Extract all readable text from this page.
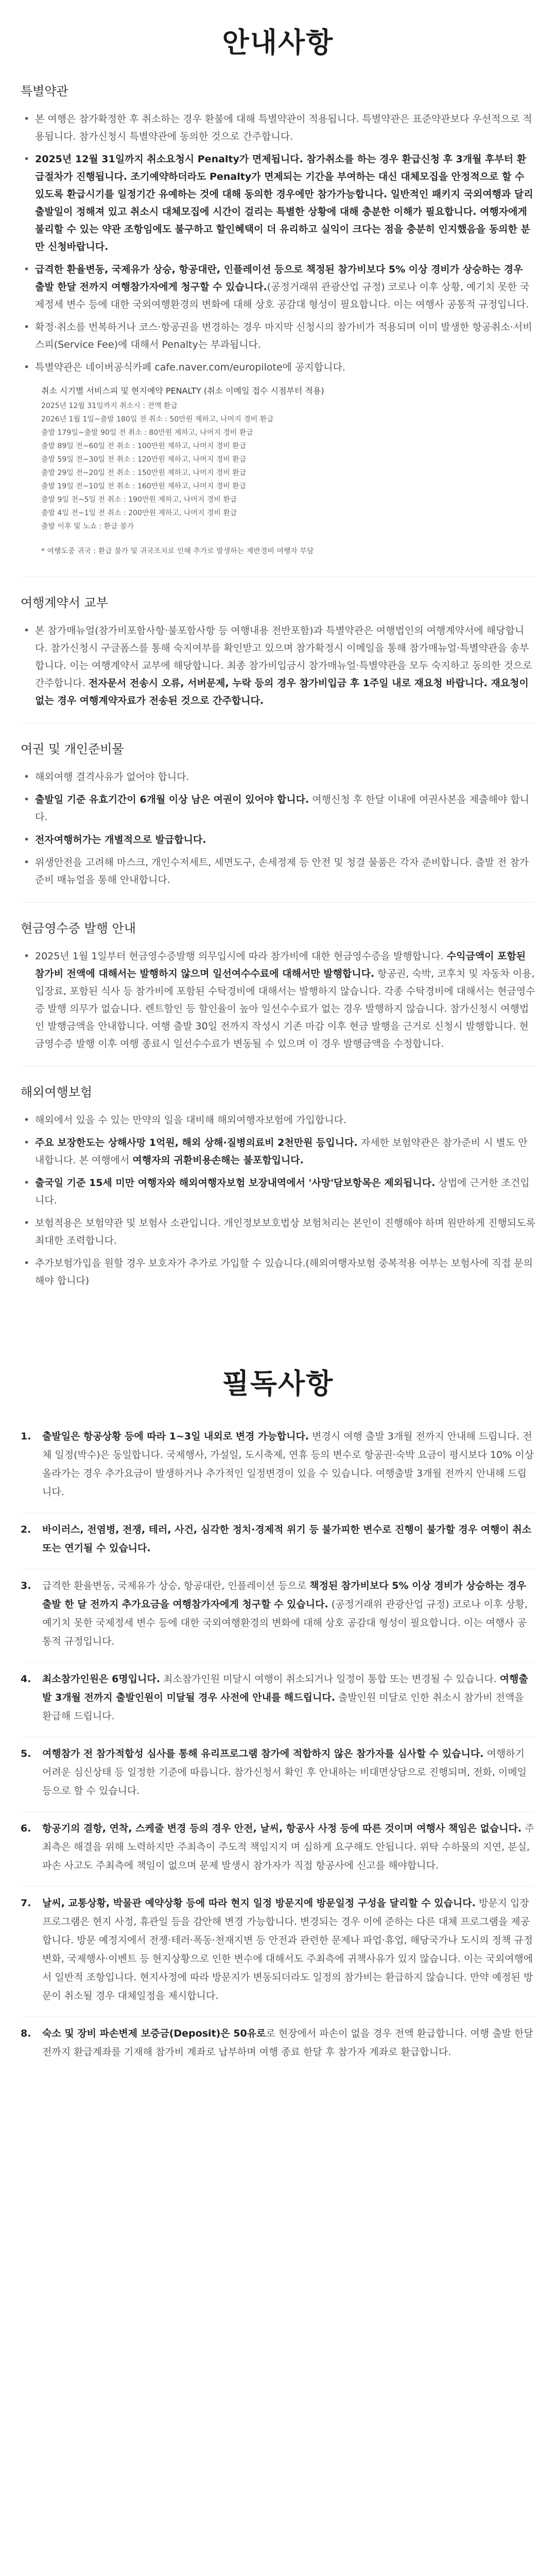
안내사항
특별약관
• 본 여행은 참가확정한 후 취소하는 경우 환불에 대해 특별약관이 적용됩니다. 특별약관은 표준약관보다 우선적으로 적용됩니다. 참가신청시 특별약관에 동의한 것으로 간주합니다.
• 2025년 12월 31일까지 취소요청시 Penalty가 면제됩니다. 참가취소를 하는 경우 환급신청 후 3개월 후부터 환급절차가 진행됩니다. 조기예약하더라도 Penalty가 면제되는 기간을 부여하는 대신 대체모집을 안정적으로 할 수 있도록 환급시기를 일정기간 유예하는 것에 대해 동의한 경우에만 참가가능합니다. 일반적인 패키지 국외여행과 달리 출발일이 정해져 있고 취소시 대체모집에 시간이 걸리는 특별한 상황에 대해 충분한 이해가 필요합니다. 여행자에게 불리할 수 있는 약관 조항임에도 불구하고 할인혜택이 더 유리하고 실익이 크다는 점을 충분히 인지했음을 동의한 분만 신청바랍니다.
• 급격한 환율변동, 국제유가 상승, 항공대란, 인플레이션 등으로 책정된 참가비보다 5% 이상 경비가 상승하는 경우 출발 한달 전까지 여행참가자에게 청구할 수 있습니다.(공정거래위 관광산업 규정) 코로나 이후 상황, 예기치 못한 국제정세 변수 등에 대한 국외여행환경의 변화에 대해 상호 공감대 형성이 필요합니다. 이는 여행사 공통적 규정입니다.
• 확정·취소를 번복하거나 코스·항공권을 변경하는 경우 마지막 신청시의 참가비가 적용되며 이미 발생한 항공취소·서비스피(Service Fee)에 대해서 Penalty는 부과됩니다.
• 특별약관은 네이버공식카페 cafe.naver.com/europilote에 공지합니다.
취소 시기별 서비스피 및 현지예약 PENALTY (취소 이메일 접수 시점부터 적용)
2025년 12월 31일까지 취소시 : 전액 환급
2026년 1월 1일~출발 180일 전 취소 : 50만원 제하고, 나머지 경비 환급
출발 179일~출발 90일 전 취소 : 80만원 제하고, 나머지 경비 환급
출발 89일 전~60일 전 취소 : 100만원 제하고, 나머지 경비 환급
출발 59일 전~30일 전 취소 : 120만원 제하고, 나머지 경비 환급
출발 29일 전~20일 전 취소 : 150만원 제하고, 나머지 경비 환급
출발 19일 전~10일 전 취소 : 160만원 제하고, 나머지 경비 환급
출발 9일 전~5일 전 취소 : 190만원 제하고, 나머지 경비 환급
출발 4일 전~1일 전 취소 : 200만원 제하고, 나머지 경비 환급
출발 이후 및 노쇼 : 환급 불가
* 여행도중 귀국 : 환급 불가 및 귀국조치로 인해 추가로 발생하는 제반경비 여행자 부담
여행계약서 교부
• 본 참가매뉴얼(참가비포함사항·불포함사항 등 여행내용 전반포함)과 특별약관은 여행법인의 여행계약서에 해당합니다. 참가신청시 구글폼스를 통해 숙지여부를 확인받고 있으며 참가확정시 이메일을 통해 참가매뉴얼·특별약관을 송부합니다. 이는 여행계약서 교부에 해당합니다. 최종 참가비입금시 참가매뉴얼·특별약관을 모두 숙지하고 동의한 것으로 간주합니다. 전자문서 전송시 오류, 서버문제, 누락 등의 경우 참가비입금 후 1주일 내로 재요청 바랍니다. 재요청이 없는 경우 여행계약자료가 전송된 것으로 간주합니다.
여권 및 개인준비물
• 해외여행 결격사유가 없어야 합니다.
• 출발일 기준 유효기간이 6개월 이상 남은 여권이 있어야 합니다. 여행신청 후 한달 이내에 여권사본을 제출해야 합니다.
• 전자여행허가는 개별적으로 발급합니다.
• 위생안전을 고려해 마스크, 개인수저세트, 세면도구, 손세정제 등 안전 및 청결 물품은 각자 준비합니다. 출발 전 참가준비 매뉴얼을 통해 안내합니다.
현금영수증 발행 안내
• 2025년 1월 1일부터 현금영수증발행 의무입시에 따라 참가비에 대한 현금영수증을 발행합니다. 수익금액이 포함된 참가비 전액에 대해서는 발행하지 않으며 일선여수수료에 대해서만 발행합니다. 항공권, 숙박, 코후치 및 자동차 이용, 입장료, 포함된 식사 등 참가비에 포함된 수탁경비에 대해서는 발행하지 않습니다. 각종 수탁경비에 대해서는 현금영수증 발행 의무가 없습니다. 렌트할인 등 할인율이 높아 일선수수료가 없는 경우 발행하지 않습니다. 참가신청시 여행법인 발행금액을 안내합니다. 여행 출발 30일 전까지 작성시 기존 마감 이후 현금 발행을 근거로 신청시 발행합니다. 현금영수증 발행 이후 여행 종료시 일선수수료가 변동될 수 있으며 이 경우 발행금액을 수정합니다.
해외여행보험
• 해외에서 있을 수 있는 만약의 일을 대비해 해외여행자보험에 가입합니다.
• 주요 보장한도는 상해사망 1억원, 해외 상해·질병의료비 2천만원 등입니다. 자세한 보험약관은 참가준비 시 별도 안내합니다. 본 여행에서 여행자의 귀환비용손해는 불포함입니다.
• 출국일 기준 15세 미만 여행자와 해외여행자보험 보장내역에서 '사망'담보항목은 제외됩니다. 상법에 근거한 조건입니다.
• 보험적용은 보험약관 및 보험사 소관입니다. 개인정보보호법상 보험처리는 본인이 진행해야 하며 원만하게 진행되도록 최대한 조력합니다.
• 추가보험가입을 원할 경우 보호자가 추가로 가입할 수 있습니다.(해외여행자보험 중복적용 여부는 보험사에 직접 문의해야 합니다)
필독사항
1.	출발일은 항공상황 등에 따라 1~3일 내외로 변경 가능합니다. 변경시 여행 출발 3개월 전까지 안내해 드립니다. 전체 일정(박수)은 동일합니다. 국제행사, 가설일, 도시축제, 연휴 등의 변수로 항공권·숙박 요금이 평시보다 10% 이상 올라가는 경우 추가요금이 발생하거나 추가적인 일정변경이 있을 수 있습니다. 여행출발 3개월 전까지 안내해 드립니다.
2.	바이러스, 전염병, 전쟁, 테러, 사건, 심각한 정치·경제적 위기 등 불가피한 변수로 진행이 불가할 경우 여행이 취소 또는 연기될 수 있습니다.
3.	급격한 환율변동, 국제유가 상승, 항공대란, 인플레이션 등으로 책정된 참가비보다 5% 이상 경비가 상승하는 경우 출발 한 달 전까지 추가요금을 여행참가자에게 청구할 수 있습니다. (공정거래위 관광산업 규정) 코로나 이후 상황, 예기치 못한 국제정세 변수 등에 대한 국외여행환경의 변화에 대해 상호 공감대 형성이 필요합니다. 이는 여행사 공통적 규정입니다.
4.	최소참가인원은 6명입니다. 최소참가인원 미달시 여행이 취소되거나 일정이 통합 또는 변경될 수 있습니다. 여행출발 3개월 전까지 출발인원이 미달될 경우 사전에 안내를 해드립니다. 출발인원 미달로 인한 취소시 참가비 전액을 환급해 드립니다.
5.	여행참가 전 참가적합성 심사를 통해 유리프로그램 참가에 적합하지 않은 참가자를 심사할 수 있습니다. 여행하기 어려운 심신상태 등 일정한 기준에 따릅니다. 참가신청서 확인 후 안내하는 비대면상담으로 진행되며, 전화, 이메일 등으로 할 수 있습니다.
6.	항공기의 결항, 연착, 스케줄 변경 등의 경우 안전, 날씨, 항공사 사정 등에 따른 것이며 여행사 책임은 없습니다. 주최측은 해결을 위해 노력하지만 주최측이 주도적 책임지지 며 심하게 요구해도 안됩니다. 위탁 수하물의 지연, 분실, 파손 사고도 주최측에 책임이 없으며 문제 발생시 참가자가 직접 항공사에 신고를 해야합니다.
7.	날씨, 교통상황, 박물관 예약상황 등에 따라 현지 일정 방문지에 방문일정 구성을 달리할 수 있습니다. 방문지 입장 프로그램은 현지 사정, 휴관일 등을 감안해 변경 가능합니다. 변경되는 경우 이에 준하는 다른 대체 프로그램을 제공합니다. 방문 예정지에서 전쟁·테러·폭동·천재지변 등 안전과 관련한 문제나 파업·휴업, 해당국가나 도시의 정책 규정 변화, 국제행사·이벤트 등 현지상황으로 인한 변수에 대해서도 주최측에 귀책사유가 있지 않습니다. 이는 국외여행에서 일반적 조항입니다. 현지사정에 따라 방문지가 변동되더라도 일정의 참가비는 환급하지 않습니다. 만약 예정된 방문이 취소될 경우 대체일정을 제시합니다.
8.	숙소 및 장비 파손변제 보증금(Deposit)은 50유로로 현장에서 파손이 없을 경우 전액 환급합니다. 여행 출발 한달 전까지 환급계좌를 기재해 참가비 계좌로 납부하며 여행 종료 한달 후 참가자 계좌로 환급합니다.
